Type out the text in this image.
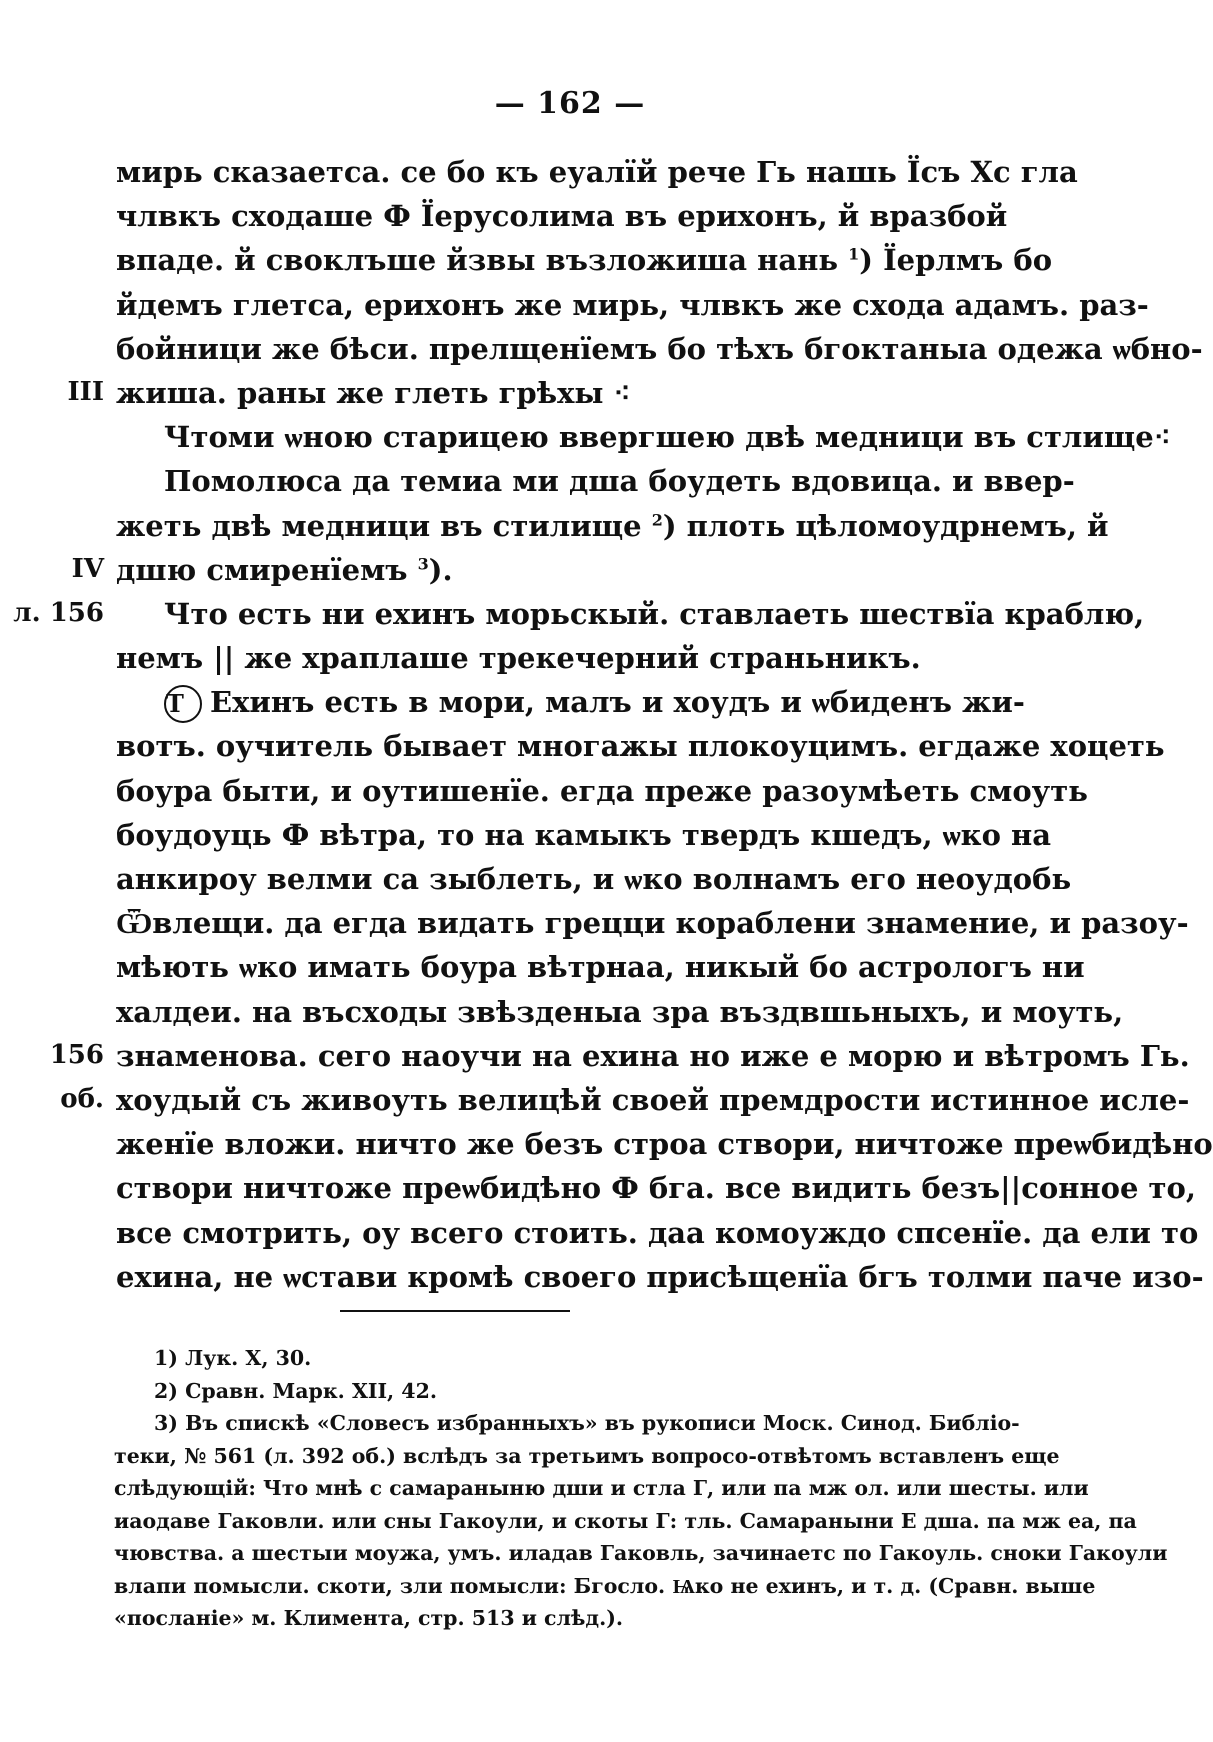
— 162 —
III
IV
л. 156
156 об.
мирь сказаетса. се бо къ еуалїй рече Гь нашь Їсъ Хс гла
члвкъ сходаше Ф Їерусолима въ ерихонъ, й вразбой
впаде. й своклъше йзвы възложиша нань $^1$) Їерлмъ бо
йдемъ глетса, ерихонъ же мирь, члвкъ же схода адамъ. раз-
бойници же бѣси. прелщенїемъ бо тѣхъ бгоктаныа одежа ѡбно-
жиша. раны же глеть грѣхы ⁖
Чтоми ѡною старицею ввергшею двѣ медници въ стлище⁖
Помолюса да темиа ми дша боудеть вдовица. и ввер-
жеть двѣ медници въ стилище $^2$) плоть цѣломоудрнемъ, й
дшю смиренїемъ $^3$).
Что есть ни ехинъ морьскый. ставлаеть шествїа краблю,
немъ || же храплаше трекечерний страньникъ.
Т Ехинъ есть в мори, малъ и хоудъ и ѡбиденъ жи-
вотъ. оучитель бывает многажы плокоуцимъ. егдаже хоцеть
боура быти, и оутишенїе. егда преже разоумѣеть смоуть
боудоуць Ф вѣтра, то на камыкъ твердъ кшедъ, ѡко на
анкироу велми са зыблеть, и ѡко волнамъ его неоудобь
Ѿвлещи. да егда видать грецци кораблени знамение, и разоу-
мѣють ѡко имать боура вѣтрнаа, никый бо астрологъ ни
халдеи. на въсходы звѣзденыа зра въздвшьныхъ, и моуть,
знаменова. сего наоучи на ехина но иже е морю и вѣтромъ Гь.
хоудый съ живоуть велицѣй своей премдрости истинное исле-
женїе вложи. ничто же безъ строа створи, ничтоже преѡбидѣно
створи ничтоже преѡбидѣно Ф бга. все видить безъ||сонное то,
все смотрить, оу всего стоить. даа комоуждо спсенїе. да ели то
ехина, не ѡстави кромѣ своего присѣщенїа бгъ толми паче изо-
1) Лук. X, 30.
2) Сравн. Марк. XII, 42.
3) Въ спискѣ «Словесъ избранныхъ» въ рукописи Моск. Синод. Библіо-
теки, № 561 (л. 392 об.) вслѣдъ за третьимъ вопросо-отвѣтомъ вставленъ еще
слѣдующій: Что мнѣ с самараныню дши и стла Г, или па мж ол. или шесты. или
иаодаве Гаковли. или сны Гакоули, и скоты Г: тль. Самараныни Е дша. па мж еа, па
чювства. а шестыи моужа, умъ. иладав Гаковль, зачинаетс по Гакоуль. сноки Гакоули
влапи помысли. скоти, зли помысли: Бгосло. Ѩко не ехинъ, и т. д. (Сравн. выше
«посланіе» м. Климента, стр. 513 и слѣд.).
